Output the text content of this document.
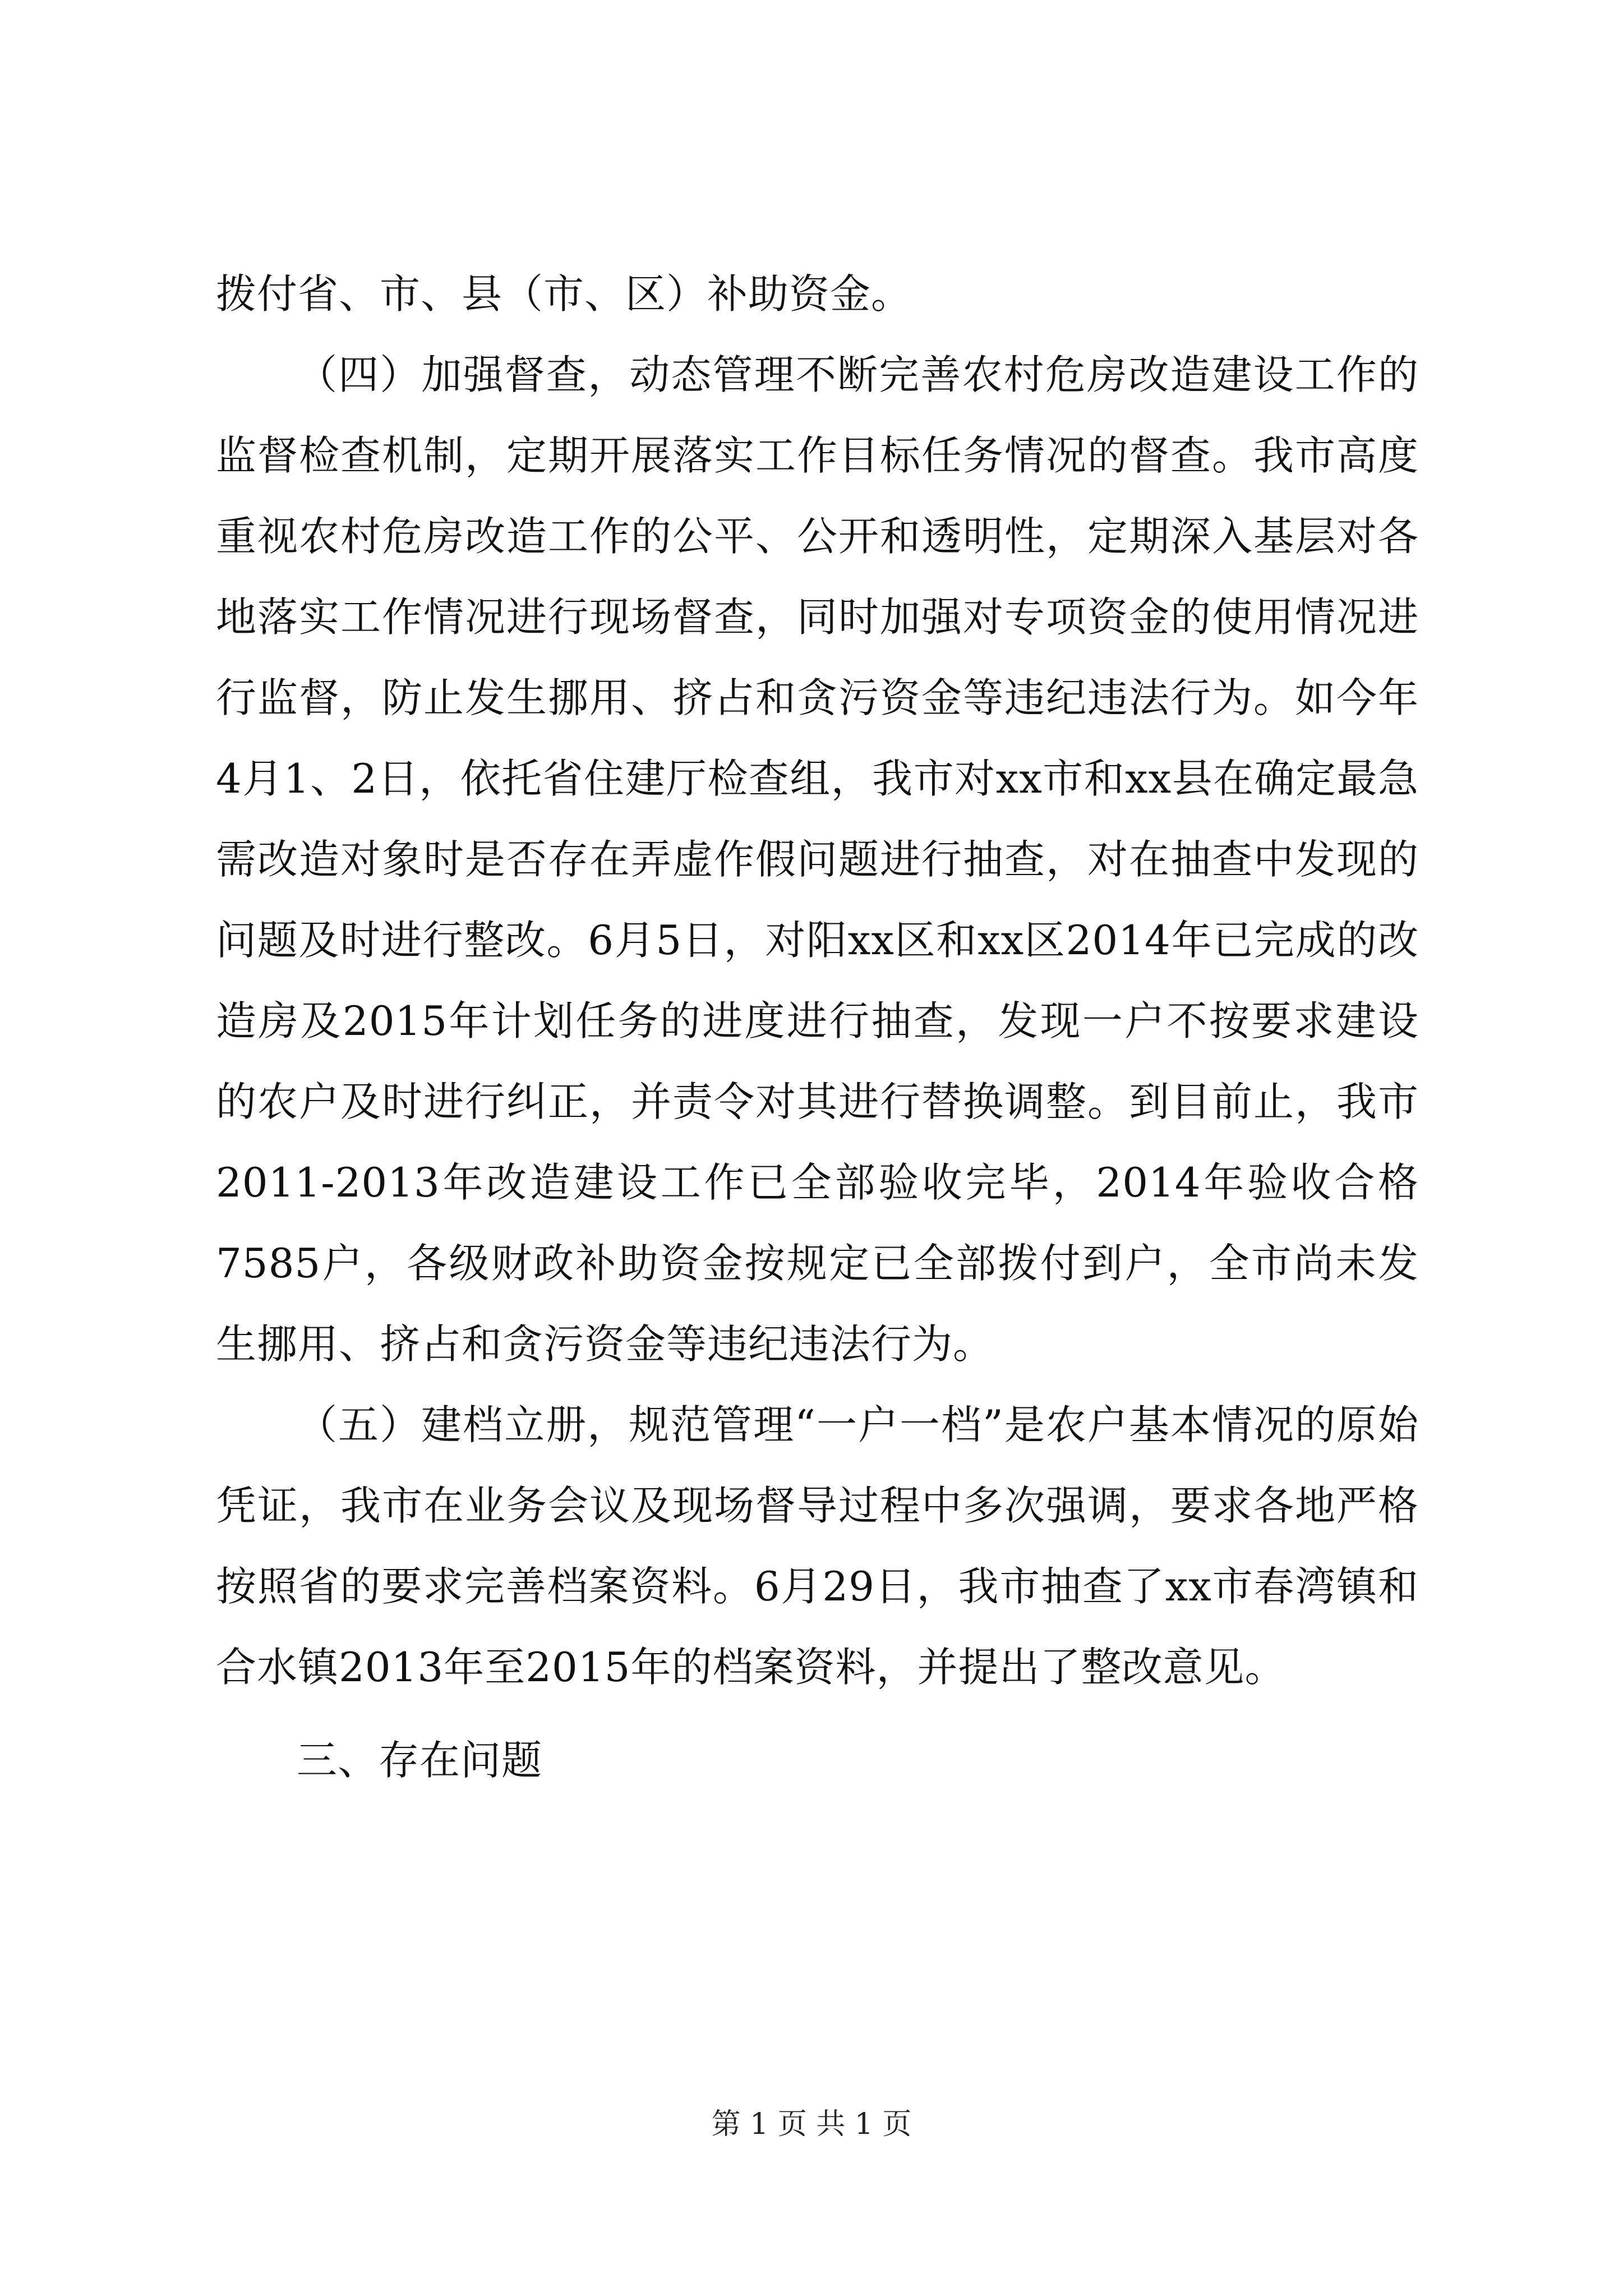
拨付省、市、县（市、区）补助资金。

（四）加强督查，动态管理不断完善农村危房改造建设工作的监督检查机制，定期开展落实工作目标任务情况的督查。我市高度重视农村危房改造工作的公平、公开和透明性，定期深入基层对各地落实工作情况进行现场督查，同时加强对专项资金的使用情况进行监督，防止发生挪用、挤占和贪污资金等违纪违法行为。如今年4月1、2日，依托省住建厅检查组，我市对xx市和xx县在确定最急需改造对象时是否存在弄虚作假问题进行抽查，对在抽查中发现的问题及时进行整改。6月5日，对阳xx区和xx区2014年已完成的改造房及2015年计划任务的进度进行抽查，发现一户不按要求建设的农户及时进行纠正，并责令对其进行替换调整。到目前止，我市2011-2013年改造建设工作已全部验收完毕，2014年验收合格7585户，各级财政补助资金按规定已全部拨付到户，全市尚未发生挪用、挤占和贪污资金等违纪违法行为。

（五）建档立册，规范管理“一户一档”是农户基本情况的原始凭证，我市在业务会议及现场督导过程中多次强调，要求各地严格按照省的要求完善档案资料。6月29日，我市抽查了xx市春湾镇和合水镇2013年至2015年的档案资料，并提出了整改意见。

三、存在问题

第 1 页 共 1 页
